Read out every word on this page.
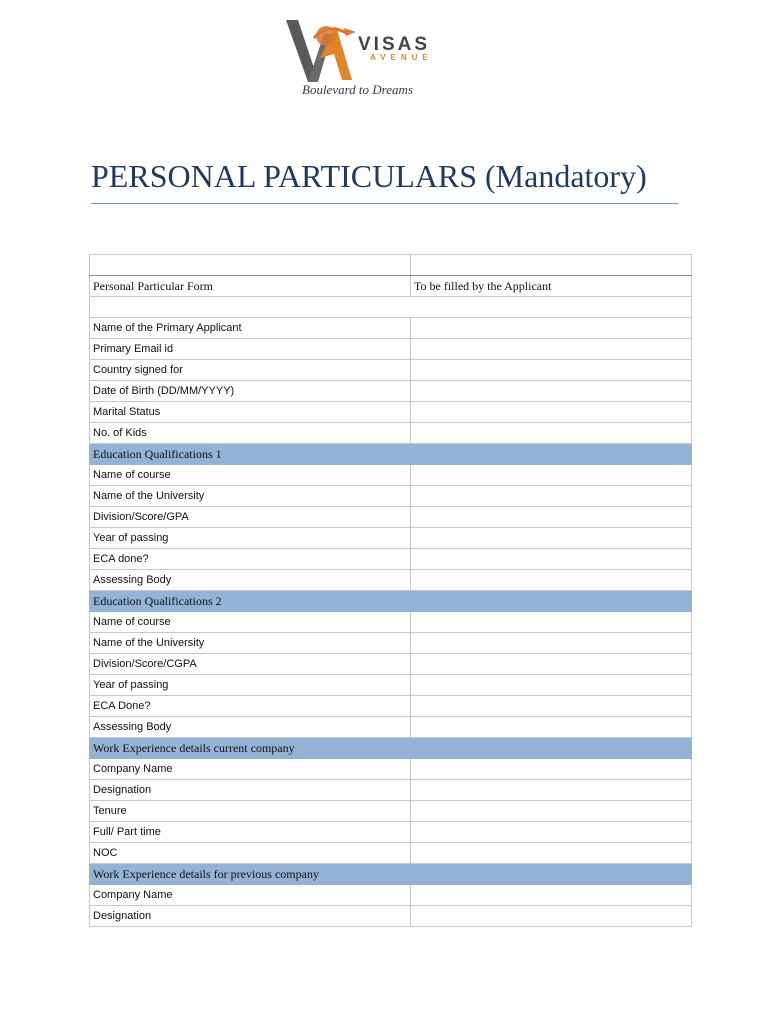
VISAS
AVENUE
Boulevard to Dreams
PERSONAL PARTICULARS (Mandatory)

Personal Particular Form	To be filled by the Applicant

Name of the Primary Applicant	
Primary Email id	
Country signed for	
Date of Birth (DD/MM/YYYY)	
Marital Status	
No. of Kids	
Education Qualifications 1	
Name of course	
Name of the University	
Division/Score/GPA	
Year of passing	
ECA done?	
Assessing Body	
Education Qualifications 2	
Name of course	
Name of the University	
Division/Score/CGPA	
Year of passing	
ECA Done?	
Assessing Body	
Work Experience details current company	
Company Name	
Designation	
Tenure	
Full/ Part time	
NOC	
Work Experience details for previous company	
Company Name	
Designation	
